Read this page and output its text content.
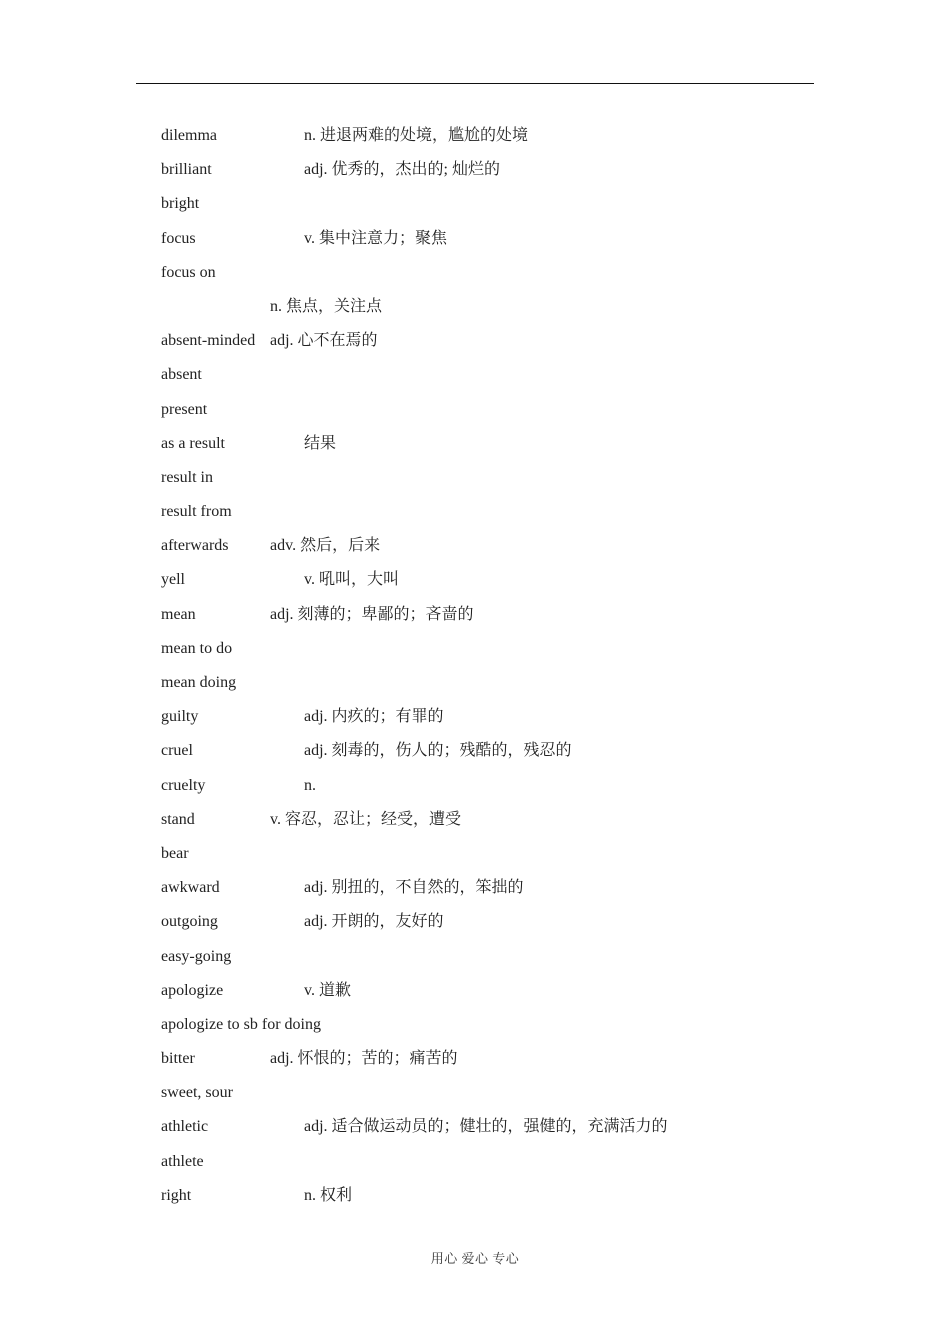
dilemma	n. 进退两难的处境，尴尬的处境
brilliant	adj. 优秀的，杰出的; 灿烂的
bright
focus	v. 集中注意力；聚焦
focus on
n. 焦点，关注点
absent-minded adj. 心不在焉的
absent
present
as a result	结果
result in
result from
afterwards	adv. 然后，后来
yell	v. 吼叫，大叫
mean	adj. 刻薄的；卑鄙的；吝啬的
mean to do
mean doing
guilty	adj. 内疚的；有罪的
cruel	adj. 刻毒的，伤人的；残酷的，残忍的
cruelty	n.
stand	v. 容忍，忍让；经受，遭受
bear
awkward	adj. 别扭的，不自然的，笨拙的
outgoing	adj. 开朗的，友好的
easy-going
apologize	v. 道歉
apologize to sb for doing
bitter	adj. 怀恨的；苦的；痛苦的
sweet, sour
athletic	adj. 适合做运动员的；健壮的，强健的，充满活力的
athlete
right	n. 权利
用心 爱心 专心
